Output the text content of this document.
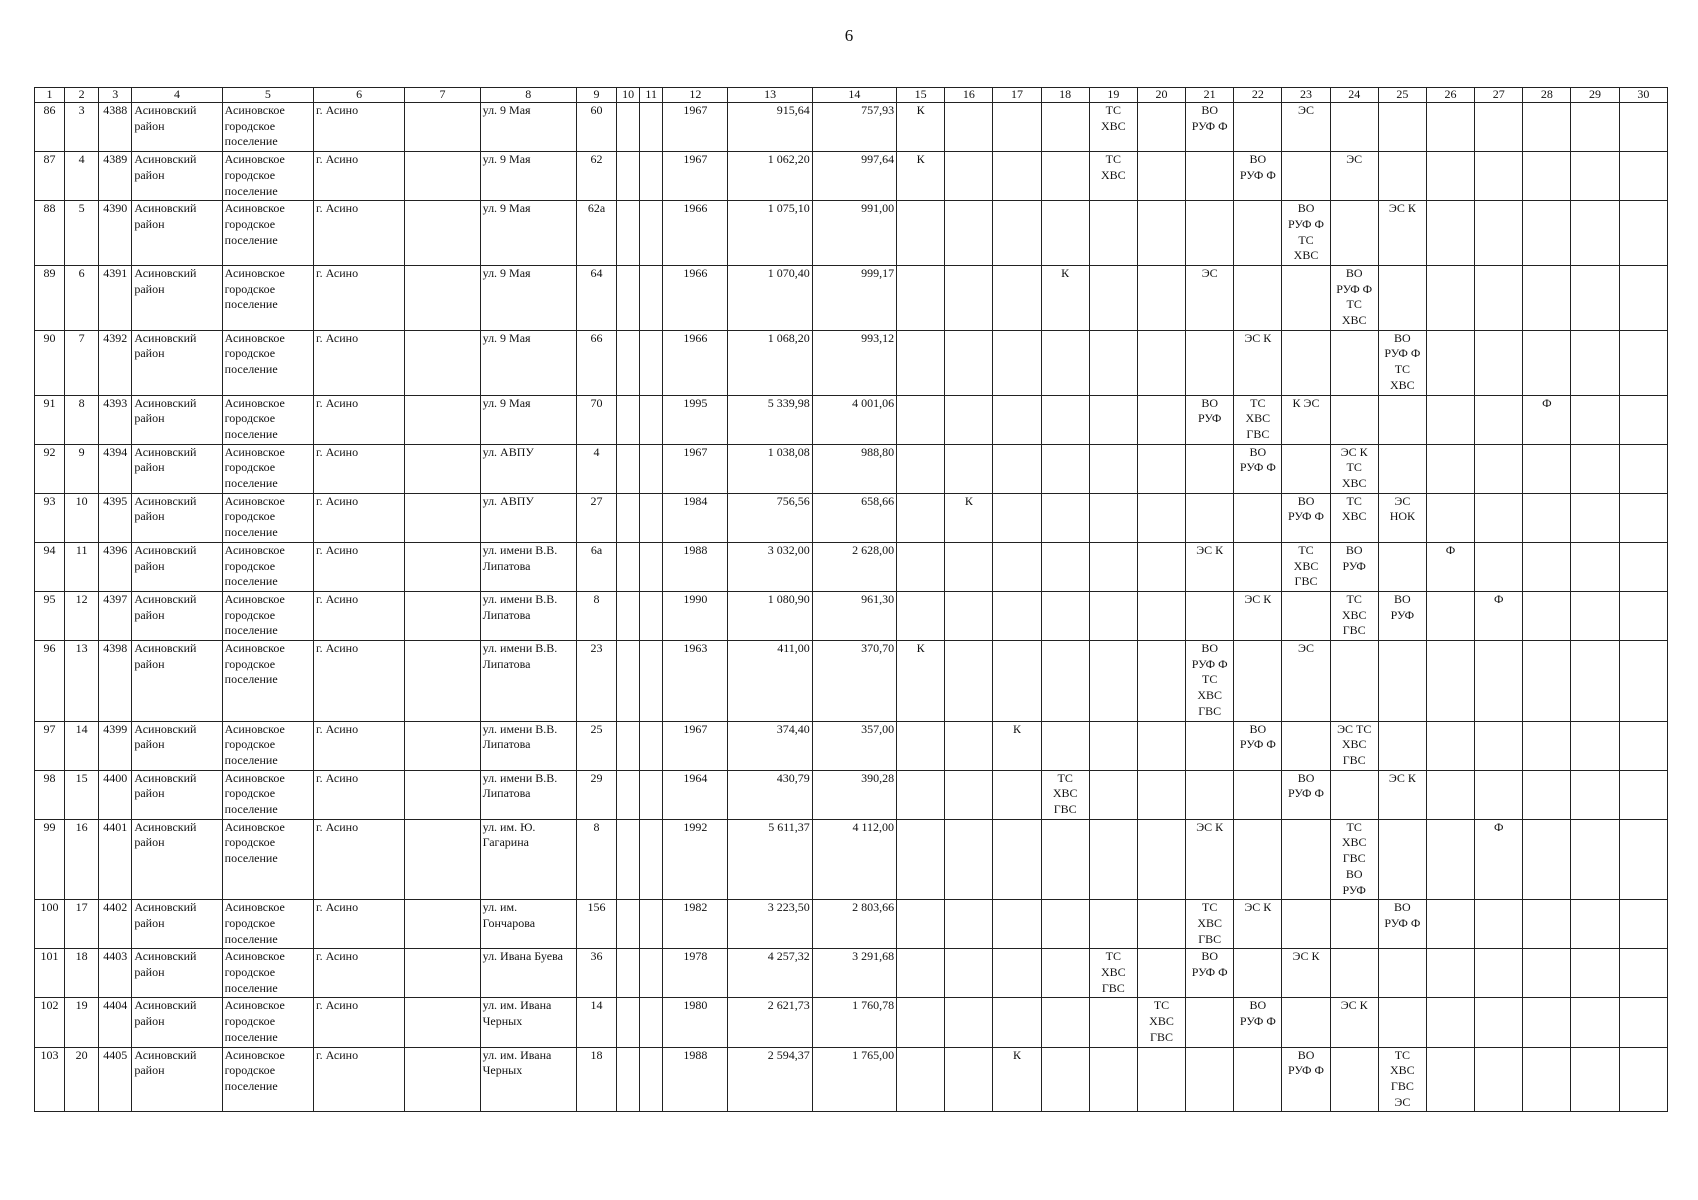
6
1	2	3	4	5	6	7	8	9	10	11	12	13	14	15	16	17	18	19	20	21	22	23	24	25	26	27	28	29	30
86	3	4388	Асиновский
район	Асиновское
городское
поселение	г. Асино		ул. 9 Мая	60			1967	915,64	757,93	К				ТС
ХВС		ВО
РУФ Ф		ЭС							

87	4	4389	Асиновский
район	Асиновское
городское
поселение	г. Асино		ул. 9 Мая	62			1967	1 062,20	997,64	К				ТС
ХВС			ВО
РУФ Ф		ЭС						

88	5	4390	Асиновский
район	Асиновское
городское
поселение	г. Асино		ул. 9 Мая	62а			1966	1 075,10	991,00									ВО
РУФ Ф
ТС
ХВС		ЭС К					

89	6	4391	Асиновский
район	Асиновское
городское
поселение	г. Асино		ул. 9 Мая	64			1966	1 070,40	999,17				К			ЭС			ВО
РУФ Ф
ТС
ХВС						

90	7	4392	Асиновский
район	Асиновское
городское
поселение	г. Асино		ул. 9 Мая	66			1966	1 068,20	993,12								ЭС К			ВО
РУФ Ф
ТС
ХВС					

91	8	4393	Асиновский
район	Асиновское
городское
поселение	г. Асино		ул. 9 Мая	70			1995	5 339,98	4 001,06							ВО
РУФ	ТС
ХВС
ГВС	К ЭС					Ф		

92	9	4394	Асиновский
район	Асиновское
городское
поселение	г. Асино		ул. АВПУ	4			1967	1 038,08	988,80								ВО
РУФ Ф		ЭС К
ТС
ХВС						

93	10	4395	Асиновский
район	Асиновское
городское
поселение	г. Асино		ул. АВПУ	27			1984	756,56	658,66		К							ВО
РУФ Ф	ТС
ХВС	ЭС
НОК					

94	11	4396	Асиновский
район	Асиновское
городское
поселение	г. Асино		ул. имени В.В.
Липатова	6а			1988	3 032,00	2 628,00							ЭС К		ТС
ХВС
ГВС	ВО
РУФ		Ф				

95	12	4397	Асиновский
район	Асиновское
городское
поселение	г. Асино		ул. имени В.В.
Липатова	8			1990	1 080,90	961,30								ЭС К		ТС
ХВС
ГВС	ВО
РУФ		Ф			

96	13	4398	Асиновский
район	Асиновское
городское
поселение	г. Асино		ул. имени В.В.
Липатова	23			1963	411,00	370,70	К						ВО
РУФ Ф
ТС
ХВС
ГВС		ЭС							

97	14	4399	Асиновский
район	Асиновское
городское
поселение	г. Асино		ул. имени В.В.
Липатова	25			1967	374,40	357,00			К					ВО
РУФ Ф		ЭС ТС
ХВС
ГВС						

98	15	4400	Асиновский
район	Асиновское
городское
поселение	г. Асино		ул. имени В.В.
Липатова	29			1964	430,79	390,28				ТС
ХВС
ГВС					ВО
РУФ Ф		ЭС К					

99	16	4401	Асиновский
район	Асиновское
городское
поселение	г. Асино		ул. им. Ю.
Гагарина	8			1992	5 611,37	4 112,00							ЭС К			ТС
ХВС
ГВС
ВО
РУФ			Ф			

100	17	4402	Асиновский
район	Асиновское
городское
поселение	г. Асино		ул. им.
Гончарова	156			1982	3 223,50	2 803,66							ТС
ХВС
ГВС	ЭС К			ВО
РУФ Ф					

101	18	4403	Асиновский
район	Асиновское
городское
поселение	г. Асино		ул. Ивана Буева	36			1978	4 257,32	3 291,68					ТС
ХВС
ГВС		ВО
РУФ Ф		ЭС К							

102	19	4404	Асиновский
район	Асиновское
городское
поселение	г. Асино		ул. им. Ивана
Черных	14			1980	2 621,73	1 760,78						ТС
ХВС
ГВС		ВО
РУФ Ф		ЭС К						

103	20	4405	Асиновский
район	Асиновское
городское
поселение	г. Асино		ул. им. Ивана
Черных	18			1988	2 594,37	1 765,00			К						ВО
РУФ Ф		ТС
ХВС
ГВС
ЭС					
